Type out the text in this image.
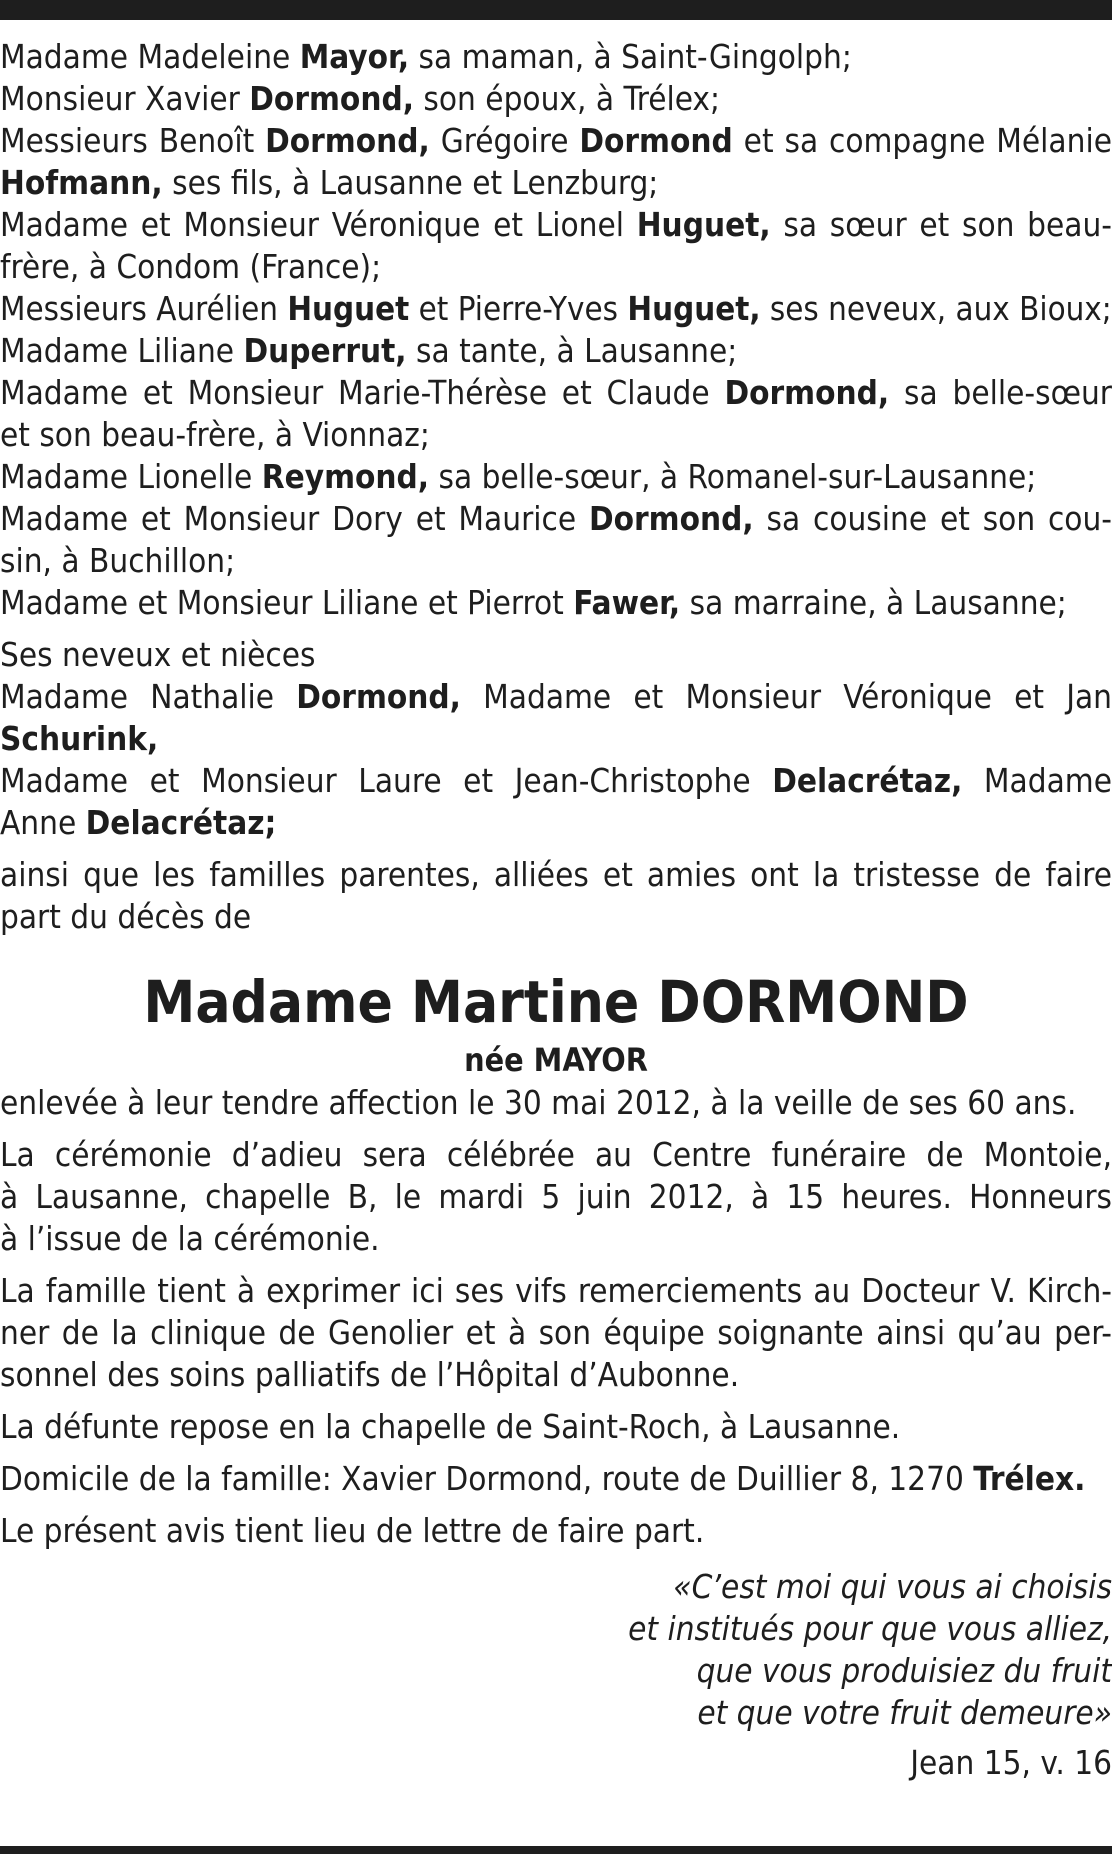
Madame Madeleine Mayor, sa maman, à Saint-Gingolph;
Monsieur Xavier Dormond, son époux, à Trélex;
Messieurs Benoît Dormond, Grégoire Dormond et sa compagne Mélanie
Hofmann, ses fils, à Lausanne et Lenzburg;
Madame et Monsieur Véronique et Lionel Huguet, sa sœur et son beau-
frère, à Condom (France);
Messieurs Aurélien Huguet et Pierre-Yves Huguet, ses neveux, aux Bioux;
Madame Liliane Duperrut, sa tante, à Lausanne;
Madame et Monsieur Marie-Thérèse et Claude Dormond, sa belle-sœur
et son beau-frère, à Vionnaz;
Madame Lionelle Reymond, sa belle-sœur, à Romanel-sur-Lausanne;
Madame et Monsieur Dory et Maurice Dormond, sa cousine et son cou-
sin, à Buchillon;
Madame et Monsieur Liliane et Pierrot Fawer, sa marraine, à Lausanne;
Ses neveux et nièces
Madame Nathalie Dormond, Madame et Monsieur Véronique et Jan
Schurink,
Madame et Monsieur Laure et Jean-Christophe Delacrétaz, Madame
Anne Delacrétaz;
ainsi que les familles parentes, alliées et amies ont la tristesse de faire
part du décès de
Madame Martine DORMOND
née MAYOR
enlevée à leur tendre affection le 30 mai 2012, à la veille de ses 60 ans.
La cérémonie d’adieu sera célébrée au Centre funéraire de Montoie,
à Lausanne, chapelle B, le mardi 5 juin 2012, à 15 heures. Honneurs
à l’issue de la cérémonie.
La famille tient à exprimer ici ses vifs remerciements au Docteur V. Kirch-
ner de la clinique de Genolier et à son équipe soignante ainsi qu’au per-
sonnel des soins palliatifs de l’Hôpital d’Aubonne.
La défunte repose en la chapelle de Saint-Roch, à Lausanne.
Domicile de la famille: Xavier Dormond, route de Duillier 8, 1270 Trélex.
Le présent avis tient lieu de lettre de faire part.
«C’est moi qui vous ai choisis
et institués pour que vous alliez,
que vous produisiez du fruit
et que votre fruit demeure»
Jean 15, v. 16
